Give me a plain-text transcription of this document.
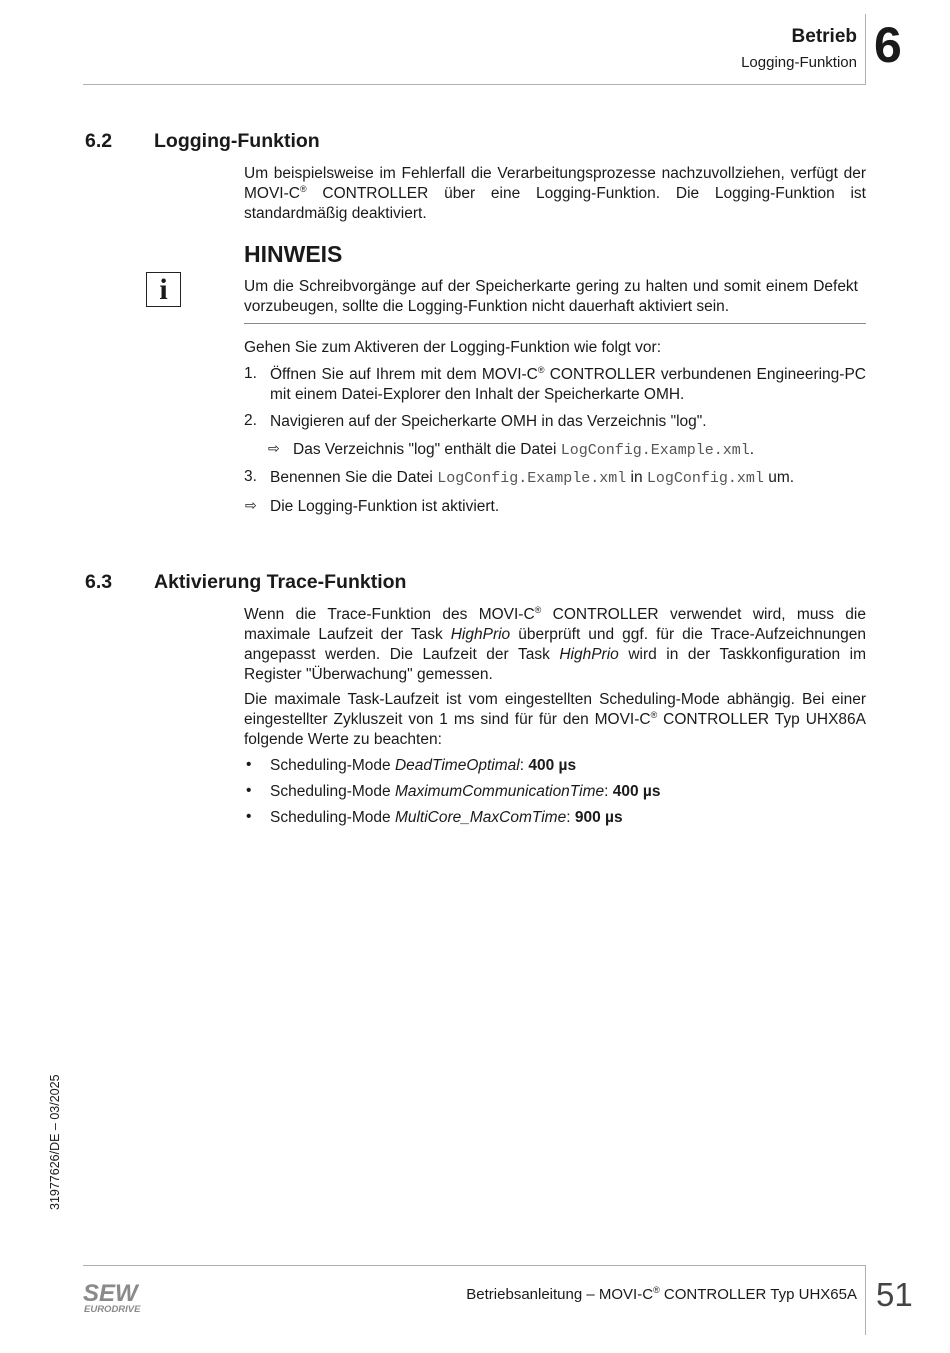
Betrieb
Logging-Funktion 6
6.2 Logging-Funktion
Um beispielsweise im Fehlerfall die Verarbeitungsprozesse nachzuvollziehen, verfügt der MOVI-C® CONTROLLER über eine Logging-Funktion. Die Logging-Funktion ist standardmäßig deaktiviert.
HINWEIS
i	Um die Schreibvorgänge auf der Speicherkarte gering zu halten und somit einem Defekt vorzubeugen, sollte die Logging-Funktion nicht dauerhaft aktiviert sein.
Gehen Sie zum Aktiveren der Logging-Funktion wie folgt vor:
1. Öffnen Sie auf Ihrem mit dem MOVI-C® CONTROLLER verbundenen Engineering-PC mit einem Datei-Explorer den Inhalt der Speicherkarte OMH.
2. Navigieren auf der Speicherkarte OMH in das Verzeichnis "log".
⇨ Das Verzeichnis "log" enthält die Datei LogConfig.Example.xml.
3. Benennen Sie die Datei LogConfig.Example.xml in LogConfig.xml um.
⇨ Die Logging-Funktion ist aktiviert.
6.3 Aktivierung Trace-Funktion
Wenn die Trace-Funktion des MOVI-C® CONTROLLER verwendet wird, muss die maximale Laufzeit der Task HighPrio überprüft und ggf. für die Trace-Aufzeichnungen angepasst werden. Die Laufzeit der Task HighPrio wird in der Taskkonfiguration im Register "Überwachung" gemessen.
Die maximale Task-Laufzeit ist vom eingestellten Scheduling-Mode abhängig. Bei einer eingestellter Zykluszeit von 1 ms sind für für den MOVI-C® CONTROLLER Typ UHX86A folgende Werte zu beachten:
• Scheduling-Mode DeadTimeOptimal: 400 µs
• Scheduling-Mode MaximumCommunicationTime: 400 µs
• Scheduling-Mode MultiCore_MaxComTime: 900 µs
31977626/DE – 03/2025
SEW
EURODRIVE
Betriebsanleitung – MOVI-C® CONTROLLER Typ UHX65A 51
